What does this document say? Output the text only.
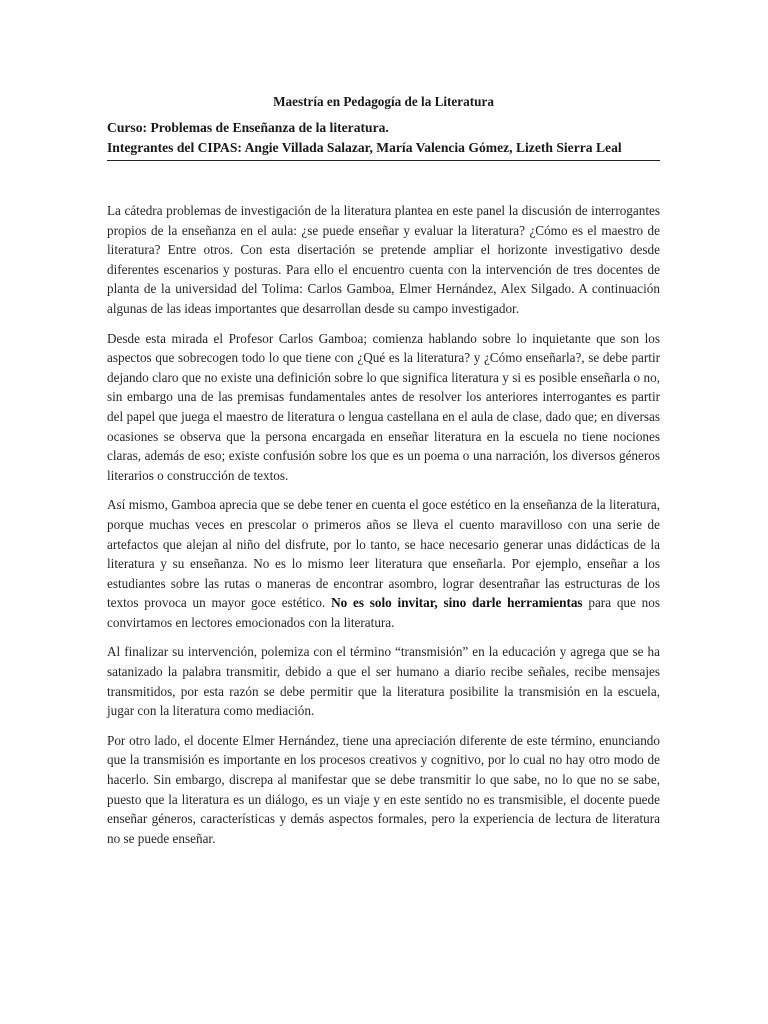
Maestría en Pedagogía de la Literatura

Curso: Problemas de Enseñanza de la literatura.

Integrantes del CIPAS: Angie Villada Salazar, María Valencia Gómez, Lizeth Sierra Leal

La cátedra problemas de investigación de la literatura plantea en este panel la discusión de interrogantes propios de la enseñanza en el aula: ¿se puede enseñar y evaluar la literatura? ¿Cómo es el maestro de literatura? Entre otros. Con esta disertación se pretende ampliar el horizonte investigativo desde diferentes escenarios y posturas. Para ello el encuentro cuenta con la intervención de tres docentes de planta de la universidad del Tolima: Carlos Gamboa, Elmer Hernández, Alex Silgado. A continuación algunas de las ideas importantes que desarrollan desde su campo investigador.

Desde esta mirada el Profesor Carlos Gamboa; comienza hablando sobre lo inquietante que son los aspectos que sobrecogen todo lo que tiene con ¿Qué es la literatura? y ¿Cómo enseñarla?, se debe partir dejando claro que no existe una definición sobre lo que significa literatura y si es posible enseñarla o no, sin embargo una de las premisas fundamentales antes de resolver los anteriores interrogantes es partir del papel que juega el maestro de literatura o lengua castellana en el aula de clase, dado que; en diversas ocasiones se observa que la persona encargada en enseñar literatura en la escuela no tiene nociones claras, además de eso; existe confusión sobre los que es un poema o una narración, los diversos géneros literarios o construcción de textos.

Así mismo, Gamboa aprecia que se debe tener en cuenta el goce estético en la enseñanza de la literatura, porque muchas veces en prescolar o primeros años se lleva el cuento maravilloso con una serie de artefactos que alejan al niño del disfrute, por lo tanto, se hace necesario generar unas didácticas de la literatura y su enseñanza. No es lo mismo leer literatura que enseñarla. Por ejemplo, enseñar a los estudiantes sobre las rutas o maneras de encontrar asombro, lograr desentrañar las estructuras de los textos provoca un mayor goce estético. No es solo invitar, sino darle herramientas para que nos convirtamos en lectores emocionados con la literatura.

Al finalizar su intervención, polemiza con el término “transmisión” en la educación y agrega que se ha satanizado la palabra transmitir, debido a que el ser humano a diario recibe señales, recibe mensajes transmitidos, por esta razón se debe permitir que la literatura posibilite la transmisión en la escuela, jugar con la literatura como mediación.

Por otro lado, el docente Elmer Hernández, tiene una apreciación diferente de este término, enunciando que la transmisión es importante en los procesos creativos y cognitivo, por lo cual no hay otro modo de hacerlo. Sin embargo, discrepa al manifestar que se debe transmitir lo que sabe, no lo que no se sabe, puesto que la literatura es un diálogo, es un viaje y en este sentido no es transmisible, el docente puede enseñar géneros, características y demás aspectos formales, pero la experiencia de lectura de literatura no se puede enseñar.
